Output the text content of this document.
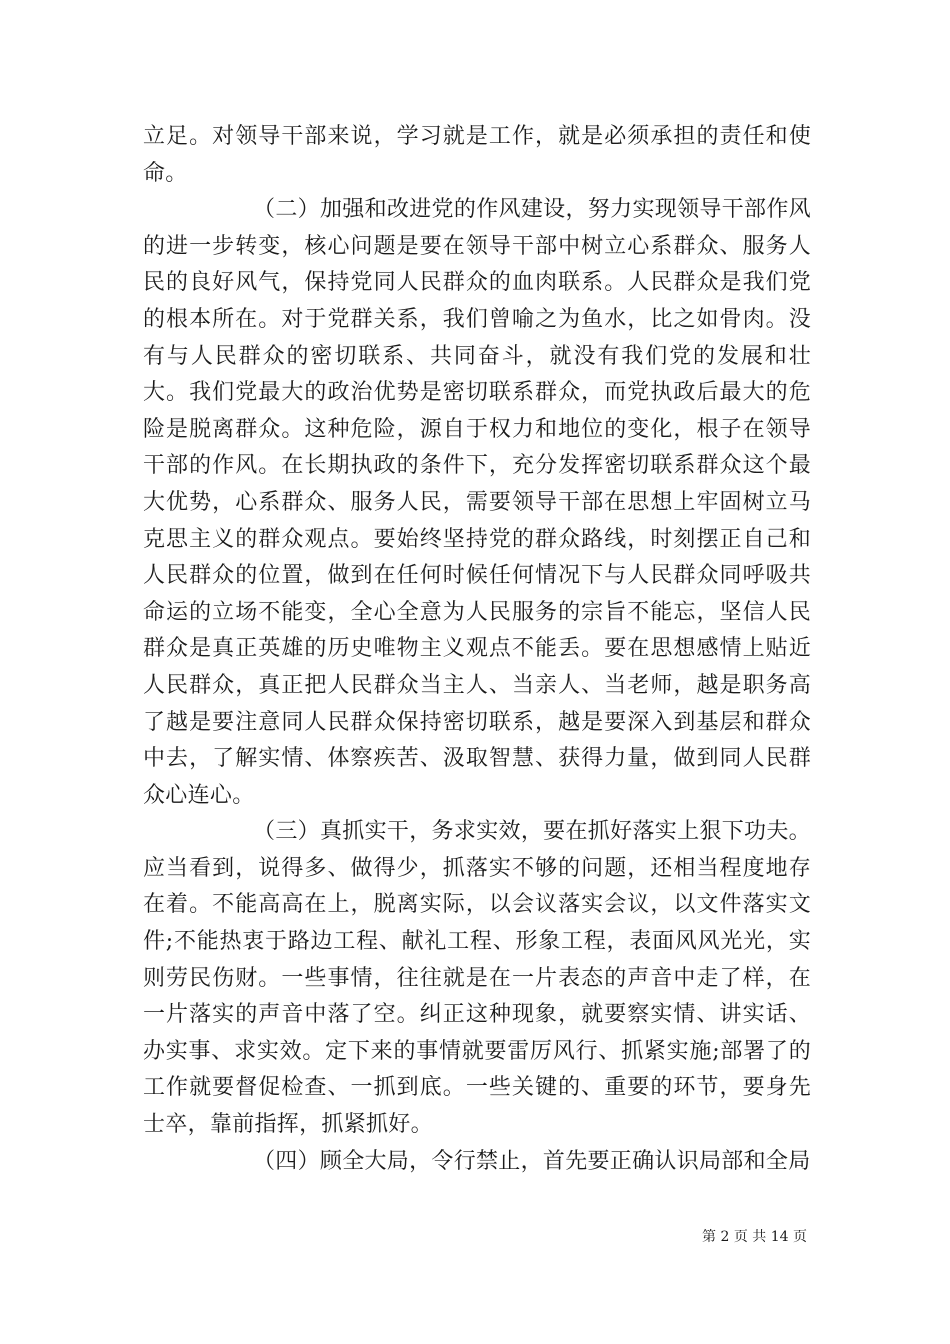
立足。对领导干部来说，学习就是工作，就是必须承担的责任和使命。

（二）加强和改进党的作风建设，努力实现领导干部作风的进一步转变，核心问题是要在领导干部中树立心系群众、服务人民的良好风气，保持党同人民群众的血肉联系。人民群众是我们党的根本所在。对于党群关系，我们曾喻之为鱼水，比之如骨肉。没有与人民群众的密切联系、共同奋斗，就没有我们党的发展和壮大。我们党最大的政治优势是密切联系群众，而党执政后最大的危险是脱离群众。这种危险，源自于权力和地位的变化，根子在领导干部的作风。在长期执政的条件下，充分发挥密切联系群众这个最大优势，心系群众、服务人民，需要领导干部在思想上牢固树立马克思主义的群众观点。要始终坚持党的群众路线，时刻摆正自己和人民群众的位置，做到在任何时候任何情况下与人民群众同呼吸共命运的立场不能变，全心全意为人民服务的宗旨不能忘，坚信人民群众是真正英雄的历史唯物主义观点不能丢。要在思想感情上贴近人民群众，真正把人民群众当主人、当亲人、当老师，越是职务高了越是要注意同人民群众保持密切联系，越是要深入到基层和群众中去，了解实情、体察疾苦、汲取智慧、获得力量，做到同人民群众心连心。

（三）真抓实干，务求实效，要在抓好落实上狠下功夫。应当看到，说得多、做得少，抓落实不够的问题，还相当程度地存在着。不能高高在上，脱离实际，以会议落实会议，以文件落实文件;不能热衷于路边工程、献礼工程、形象工程，表面风风光光，实则劳民伤财。一些事情，往往就是在一片表态的声音中走了样，在一片落实的声音中落了空。纠正这种现象，就要察实情、讲实话、办实事、求实效。定下来的事情就要雷厉风行、抓紧实施;部署了的工作就要督促检查、一抓到底。一些关键的、重要的环节，要身先士卒，靠前指挥，抓紧抓好。

（四）顾全大局，令行禁止，首先要正确认识局部和全局

第 2 页 共 14 页
